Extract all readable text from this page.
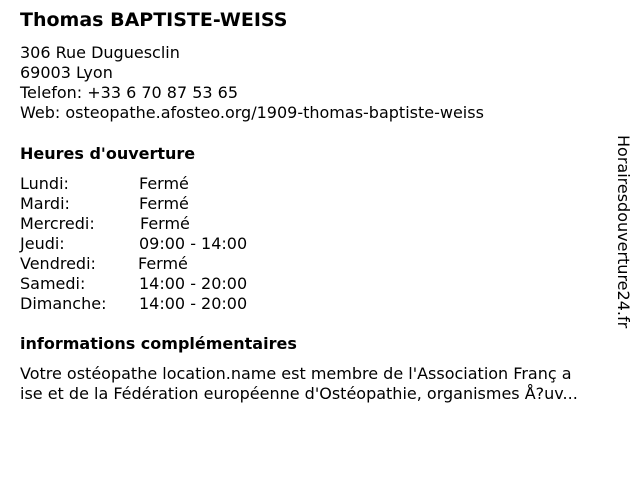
Thomas BAPTISTE-WEISS
306 Rue Duguesclin
69003 Lyon
Telefon: +33 6 70 87 53 65
Web: osteopathe.afosteo.org/1909-thomas-baptiste-weiss
Heures d'ouverture
Lundi:	Fermé
Mardi:	Fermé
Mercredi:	Fermé
Jeudi:	09:00 - 14:00
Vendredi:	Fermé
Samedi:	14:00 - 20:00
Dimanche: 14:00 - 20:00
informations complémentaires
Votre ostéopathe location.name est membre de l'Association Franç a
ise et de la Fédération européenne d'Ostéopathie, organismes Å?uv...
Horairesdouverture24.fr
